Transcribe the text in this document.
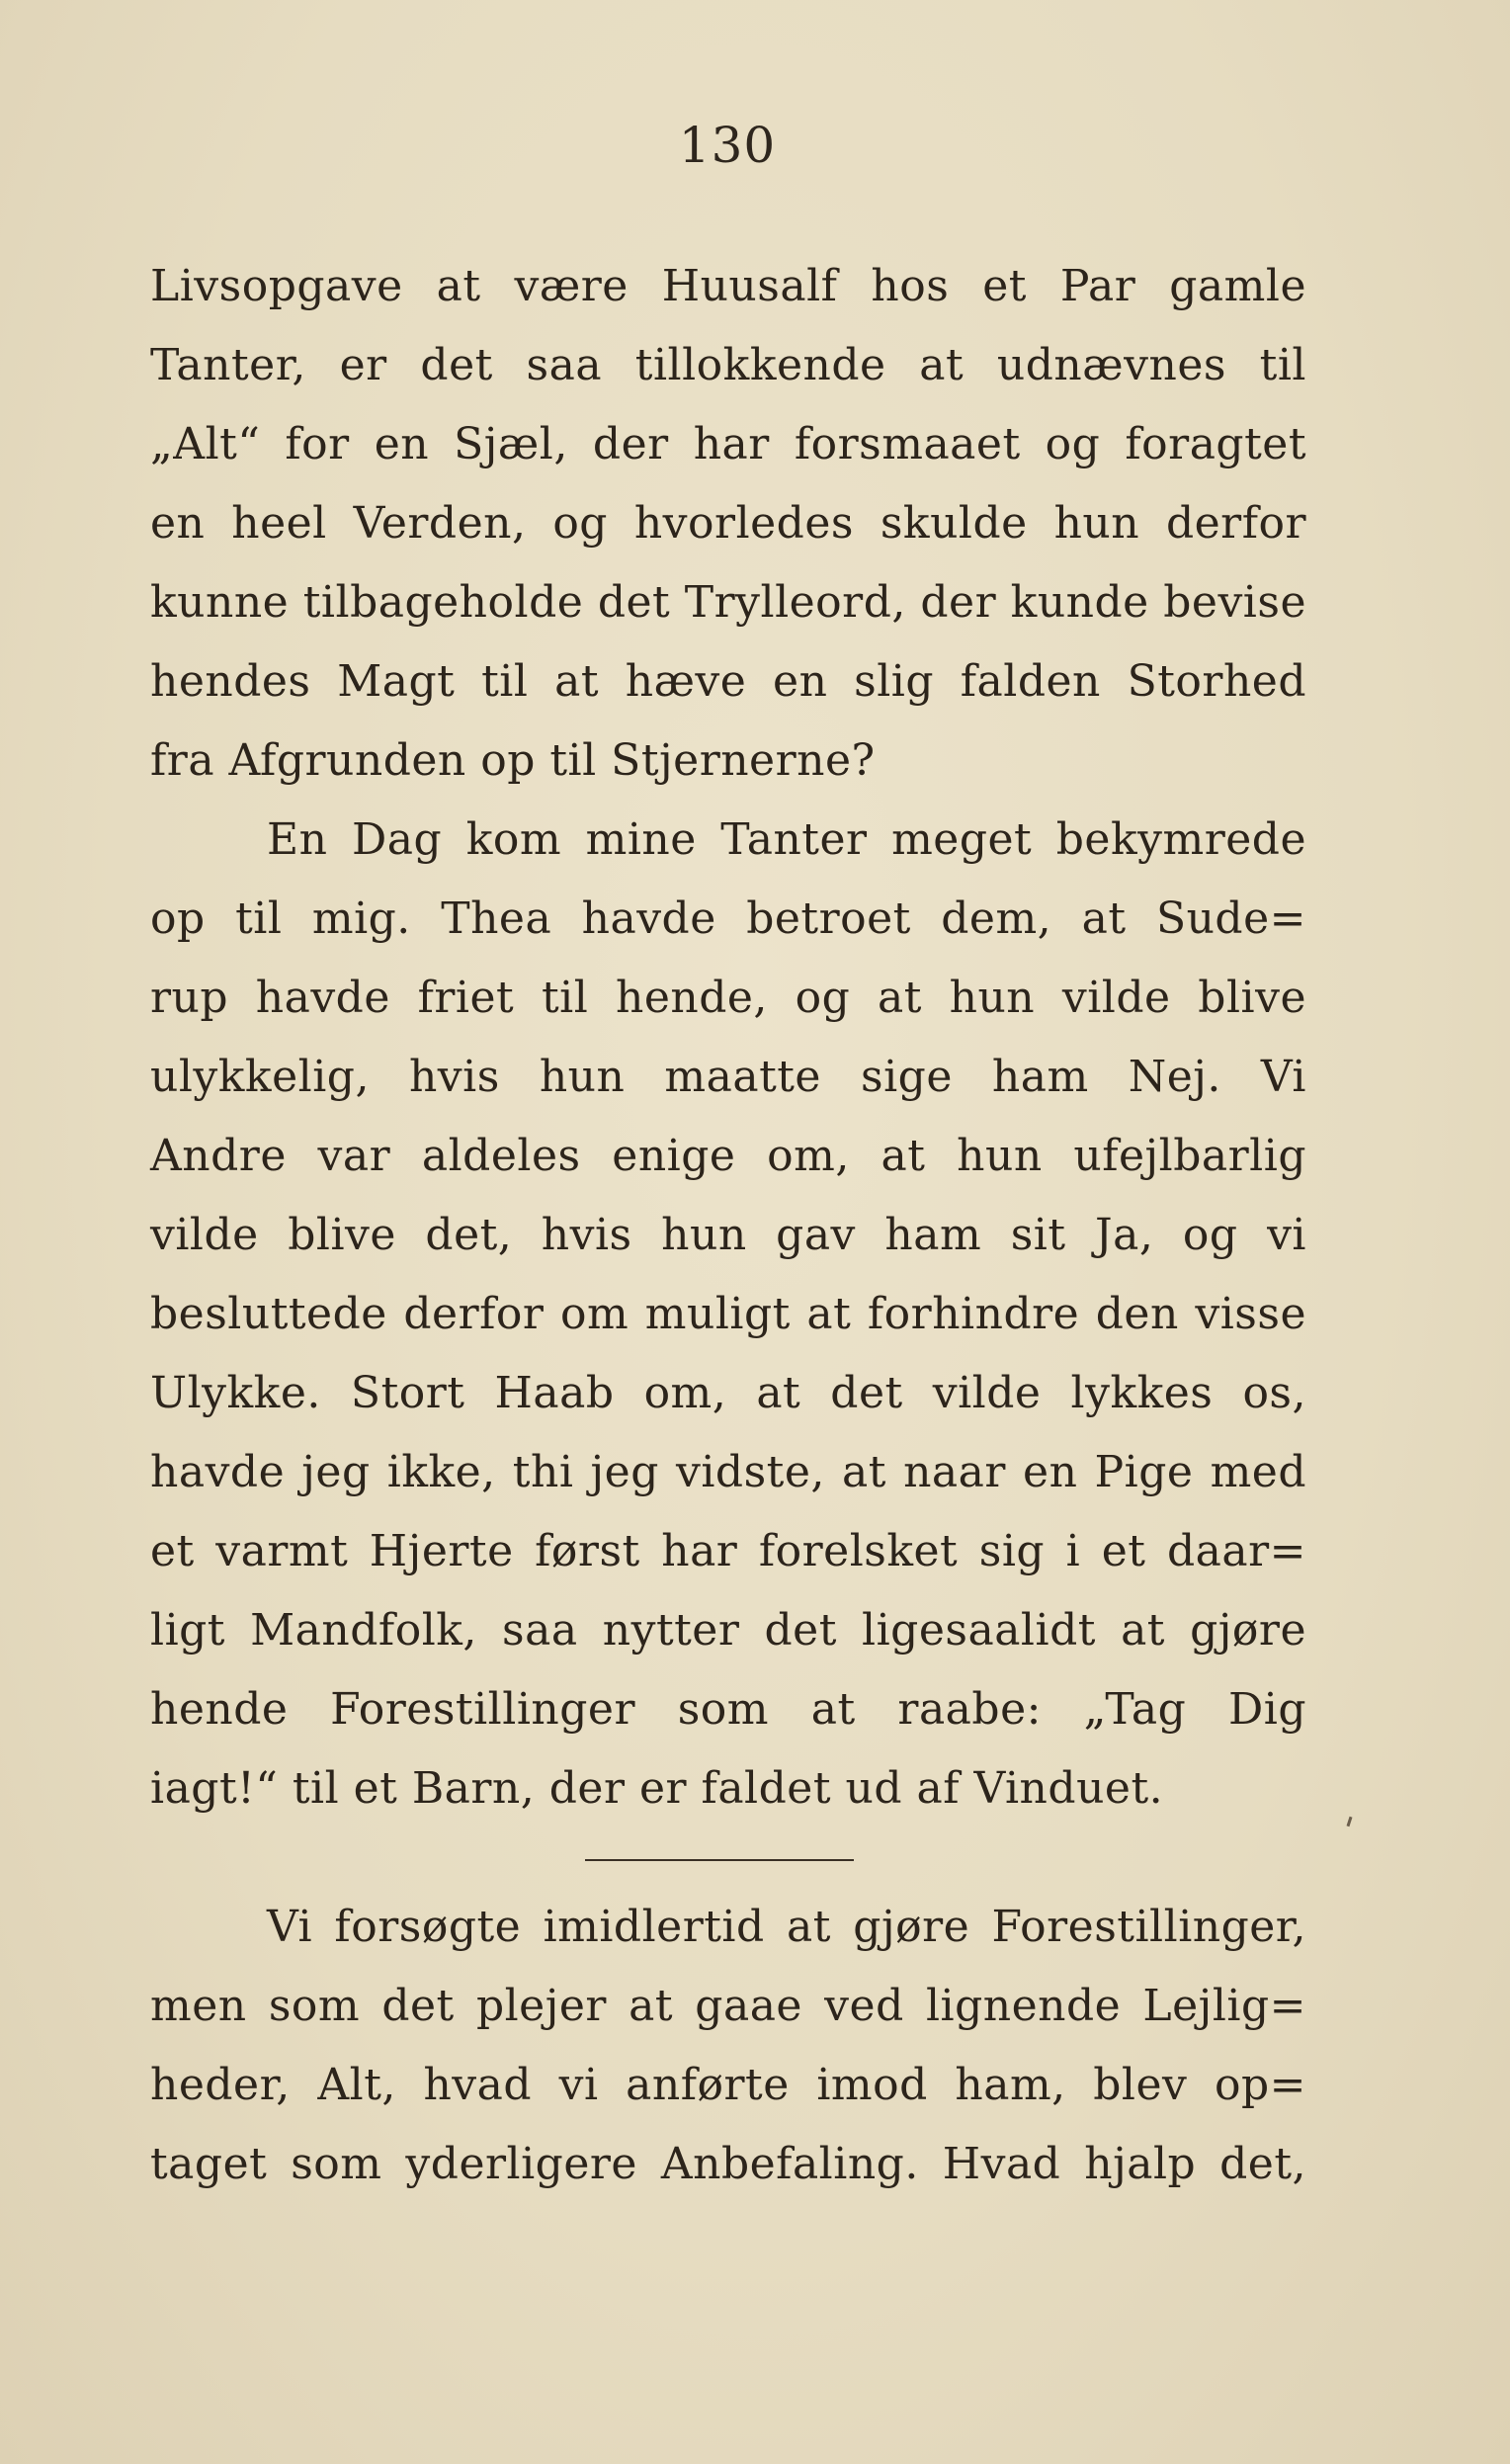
130
Livsopgave at være Huusalf hos et Par gamle
Tanter, er det saa tillokkende at udnævnes til
„Alt“ for en Sjæl, der har forsmaaet og foragtet
en heel Verden, og hvorledes skulde hun derfor
kunne tilbageholde det Trylleord, der kunde bevise
hendes Magt til at hæve en slig falden Storhed
fra Afgrunden op til Stjernerne?
En Dag kom mine Tanter meget bekymrede
op til mig. Thea havde betroet dem, at Sude=
rup havde friet til hende, og at hun vilde blive
ulykkelig, hvis hun maatte sige ham Nej. Vi
Andre var aldeles enige om, at hun ufejlbarlig
vilde blive det, hvis hun gav ham sit Ja, og vi
besluttede derfor om muligt at forhindre den visse
Ulykke. Stort Haab om, at det vilde lykkes os,
havde jeg ikke, thi jeg vidste, at naar en Pige med
et varmt Hjerte først har forelsket sig i et daar=
ligt Mandfolk, saa nytter det ligesaalidt at gjøre
hende Forestillinger som at raabe: „Tag Dig
iagt!“ til et Barn, der er faldet ud af Vinduet.
Vi forsøgte imidlertid at gjøre Forestillinger,
men som det plejer at gaae ved lignende Lejlig=
heder, Alt, hvad vi anførte imod ham, blev op=
taget som yderligere Anbefaling. Hvad hjalp det,
